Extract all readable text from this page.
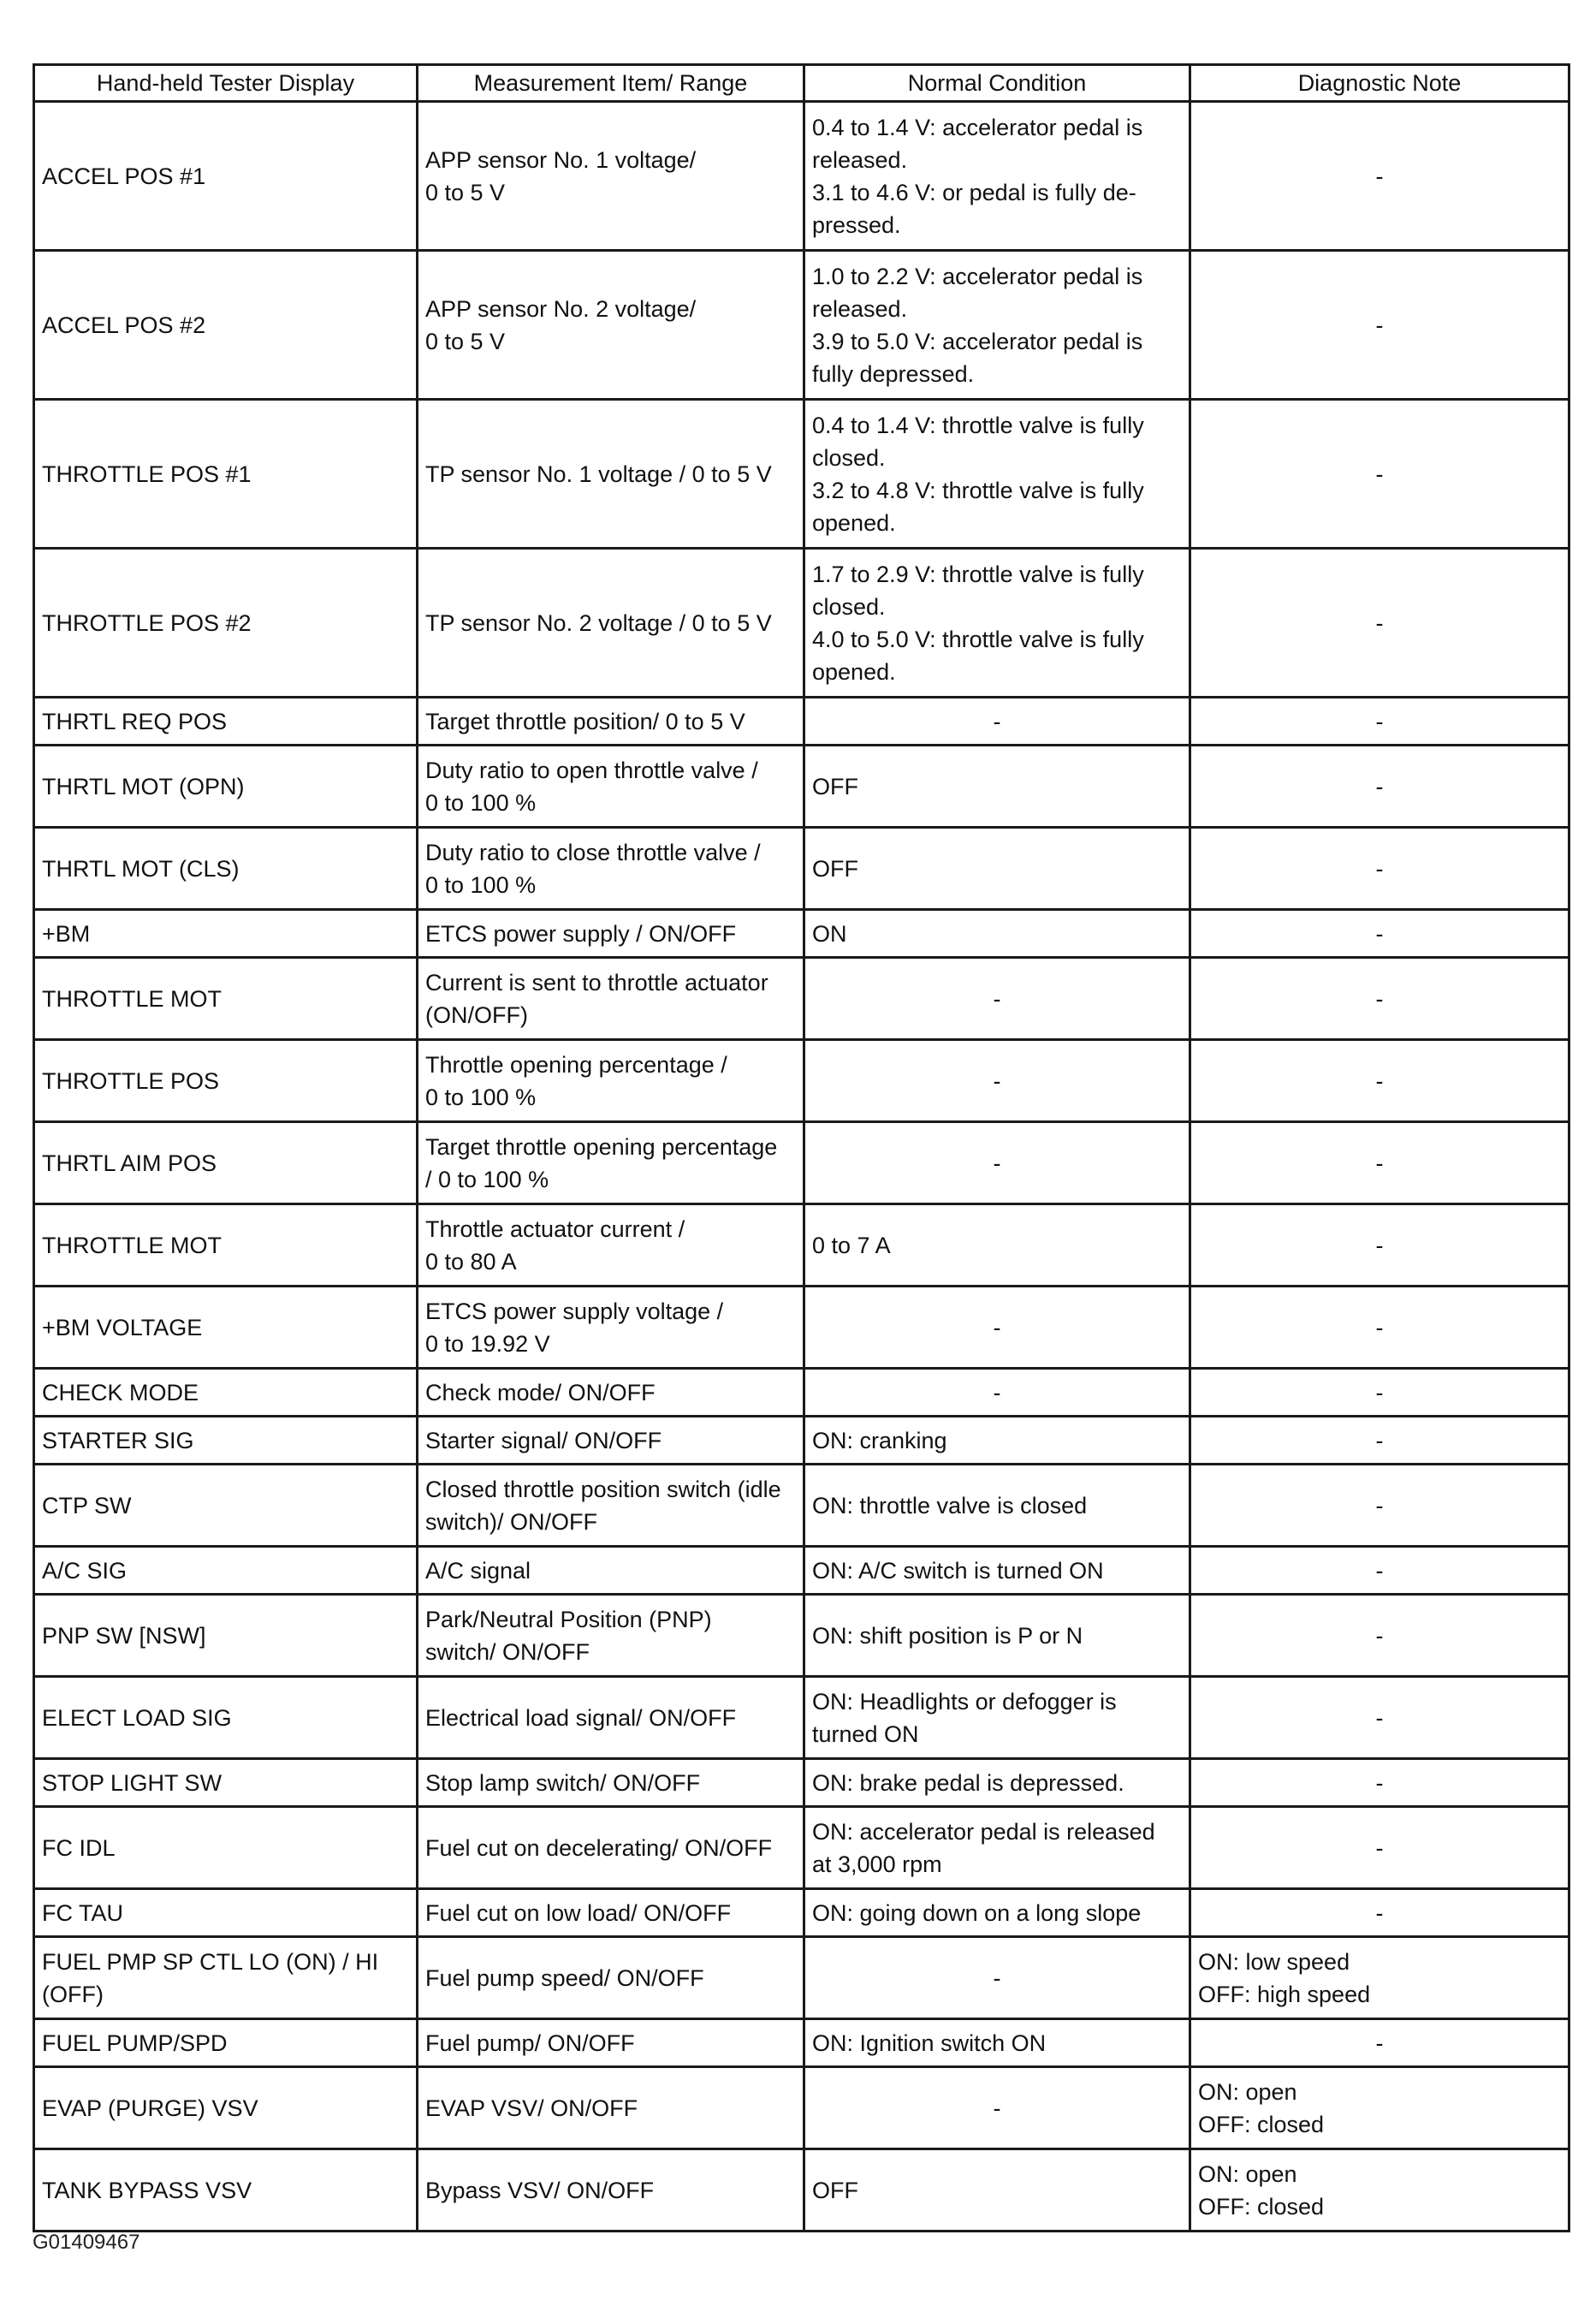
Hand-held Tester Display	Measurement Item/ Range	Normal Condition	Diagnostic Note
ACCEL POS #1	APP sensor No. 1 voltage/
0 to 5 V	0.4 to 1.4 V: accelerator pedal is
released.
3.1 to 4.6 V: or pedal is fully de-
pressed.	-

ACCEL POS #2	APP sensor No. 2 voltage/
0 to 5 V	1.0 to 2.2 V: accelerator pedal is
released.
3.9 to 5.0 V: accelerator pedal is
fully depressed.	-

THROTTLE POS #1	TP sensor No. 1 voltage / 0 to 5 V	0.4 to 1.4 V: throttle valve is fully
closed.
3.2 to 4.8 V: throttle valve is fully
opened.	-

THROTTLE POS #2	TP sensor No. 2 voltage / 0 to 5 V	1.7 to 2.9 V: throttle valve is fully
closed.
4.0 to 5.0 V: throttle valve is fully
opened.	-

THRTL REQ POS	Target throttle position/ 0 to 5 V	-	-

THRTL MOT (OPN)	Duty ratio to open throttle valve /
0 to 100 %	OFF	-

THRTL MOT (CLS)	Duty ratio to close throttle valve /
0 to 100 %	OFF	-

+BM	ETCS power supply / ON/OFF	ON	-

THROTTLE MOT	Current is sent to throttle actuator
(ON/OFF)	-	-

THROTTLE POS	Throttle opening percentage /
0 to 100 %	-	-

THRTL AIM POS	Target throttle opening percentage
/ 0 to 100 %	-	-

THROTTLE MOT	Throttle actuator current /
0 to 80 A	0 to 7 A	-

+BM VOLTAGE	ETCS power supply voltage /
0 to 19.92 V	-	-

CHECK MODE	Check mode/ ON/OFF	-	-

STARTER SIG	Starter signal/ ON/OFF	ON: cranking	-

CTP SW	Closed throttle position switch (idle
switch)/ ON/OFF	ON: throttle valve is closed	-

A/C SIG	A/C signal	ON: A/C switch is turned ON	-

PNP SW [NSW]	Park/Neutral Position (PNP)
switch/ ON/OFF	ON: shift position is P or N	-

ELECT LOAD SIG	Electrical load signal/ ON/OFF	ON: Headlights or defogger is
turned ON	-

STOP LIGHT SW	Stop lamp switch/ ON/OFF	ON: brake pedal is depressed.	-

FC IDL	Fuel cut on decelerating/ ON/OFF	ON: accelerator pedal is released
at 3,000 rpm	-

FC TAU	Fuel cut on low load/ ON/OFF	ON: going down on a long slope	-

FUEL PMP SP CTL LO (ON) / HI (OFF)	Fuel pump speed/ ON/OFF	-	ON: low speed
OFF: high speed

FUEL PUMP/SPD	Fuel pump/ ON/OFF	ON: Ignition switch ON	-

EVAP (PURGE) VSV	EVAP VSV/ ON/OFF	-	ON: open
OFF: closed

TANK BYPASS VSV	Bypass VSV/ ON/OFF	OFF	ON: open
OFF: closed
G01409467
